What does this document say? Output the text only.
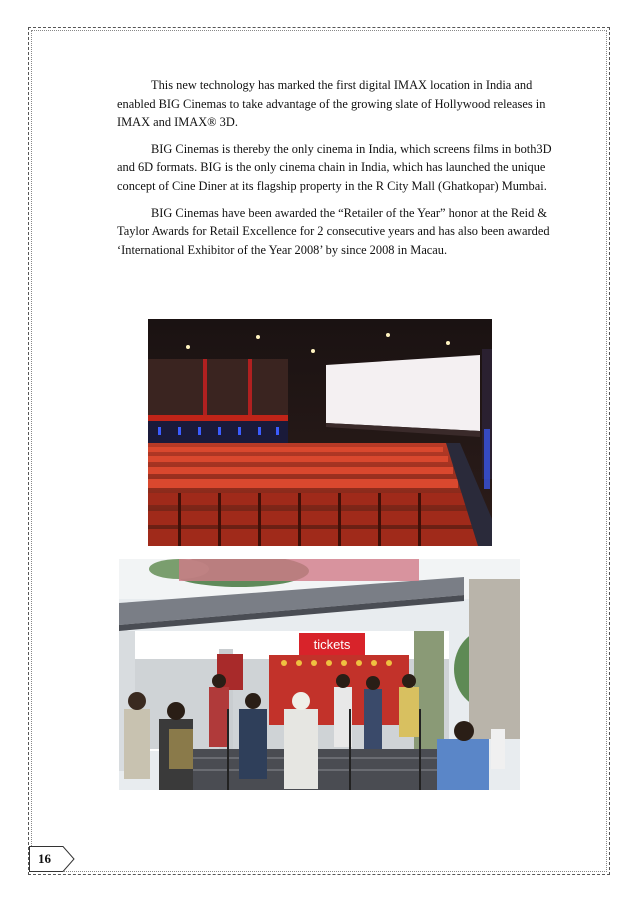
This new technology has marked the first digital IMAX location in India and enabled BIG Cinemas to take advantage of the growing slate of Hollywood releases in IMAX and IMAX® 3D.

BIG Cinemas is thereby the only cinema in India, which screens films in both3D and 6D formats. BIG is the only cinema chain in India, which has launched the unique concept of Cine Diner at its flagship property in the R City Mall (Ghatkopar) Mumbai.

BIG Cinemas have been awarded the “Retailer of the Year” honor at the Reid & Taylor Awards for Retail Excellence for 2 consecutive years and has also been awarded ‘International Exhibitor of the Year 2008’ by since 2008 in Macau.

tickets
16
